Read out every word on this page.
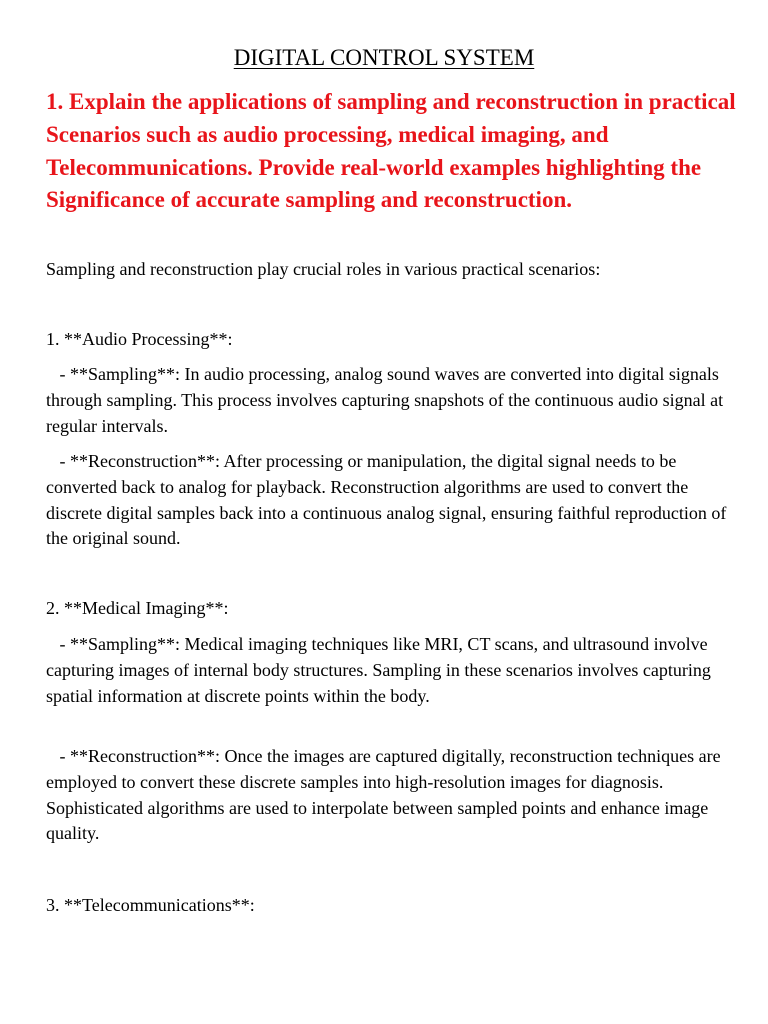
DIGITAL CONTROL SYSTEM
1. Explain the applications of sampling and reconstruction in practical Scenarios such as audio processing, medical imaging, and Telecommunications. Provide real-world examples highlighting the Significance of accurate sampling and reconstruction.
Sampling and reconstruction play crucial roles in various practical scenarios:
1. **Audio Processing**:
- **Sampling**: In audio processing, analog sound waves are converted into digital signals through sampling. This process involves capturing snapshots of the continuous audio signal at regular intervals.
- **Reconstruction**: After processing or manipulation, the digital signal needs to be converted back to analog for playback. Reconstruction algorithms are used to convert the discrete digital samples back into a continuous analog signal, ensuring faithful reproduction of the original sound.
2. **Medical Imaging**:
- **Sampling**: Medical imaging techniques like MRI, CT scans, and ultrasound involve capturing images of internal body structures. Sampling in these scenarios involves capturing spatial information at discrete points within the body.
- **Reconstruction**: Once the images are captured digitally, reconstruction techniques are employed to convert these discrete samples into high-resolution images for diagnosis. Sophisticated algorithms are used to interpolate between sampled points and enhance image quality.
3. **Telecommunications**:
